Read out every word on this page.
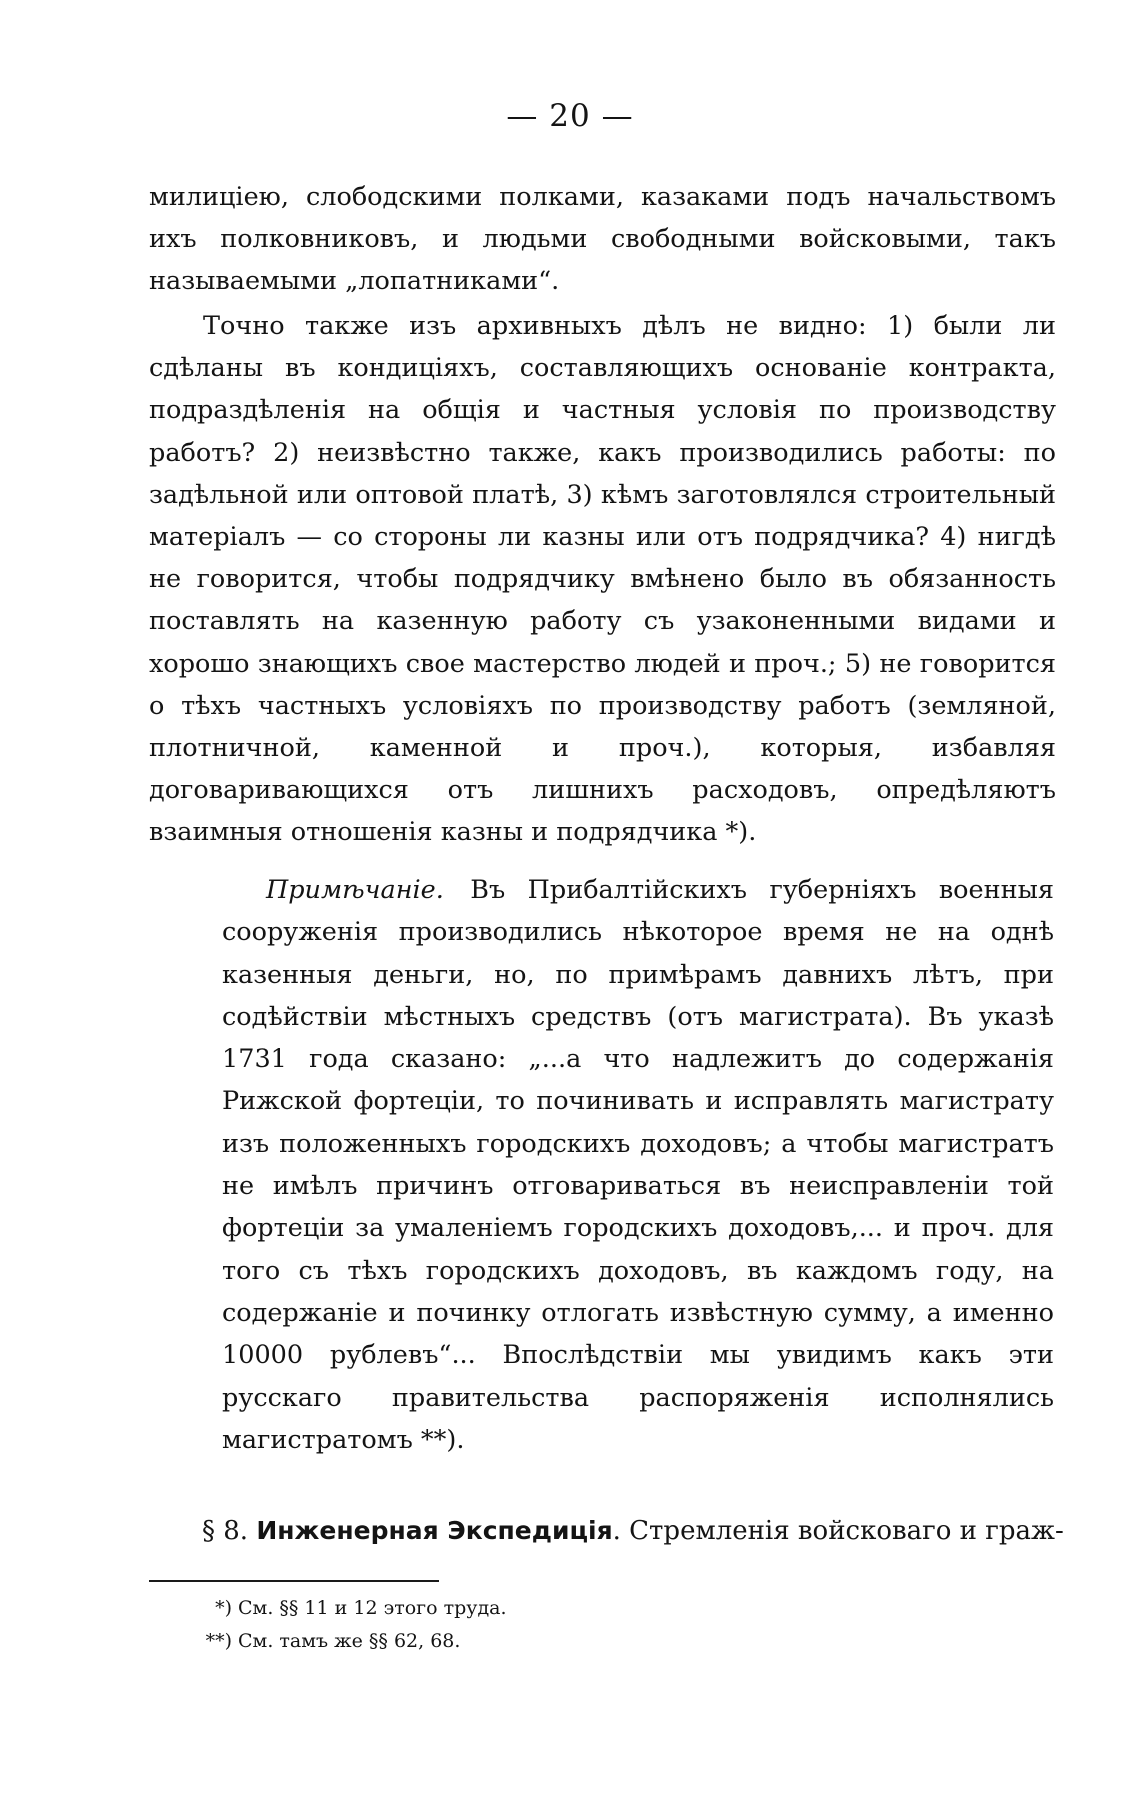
— 20 —
милиціею, слободскими полками, казаками подъ начальствомъ ихъ полковниковъ, и людьми свободными войсковыми, такъ называемыми „лопатниками“.
Точно также изъ архивныхъ дѣлъ не видно: 1) были ли сдѣланы въ кондиціяхъ, составляющихъ основаніе контракта, подраздѣленія на общія и частныя условія по производству работъ? 2) неизвѣстно также, какъ производились работы: по задѣльной или оптовой платѣ, 3) кѣмъ заготовлялся строительный матеріалъ — со стороны ли казны или отъ подрядчика? 4) нигдѣ не говорится, чтобы подрядчику вмѣнено было въ обязанность поставлять на казенную работу съ узаконенными видами и хорошо знающихъ свое мастерство людей и проч.; 5) не говорится о тѣхъ частныхъ условіяхъ по производству работъ (земляной, плотничной, каменной и проч.), которыя, избавляя договаривающихся отъ лишнихъ расходовъ, опредѣляютъ взаимныя отношенія казны и подрядчика *).
Примѣчаніе. Въ Прибалтійскихъ губерніяхъ военныя сооруженія производились нѣкоторое время не на однѣ казенныя деньги, но, по примѣрамъ давнихъ лѣтъ, при содѣйствіи мѣстныхъ средствъ (отъ магистрата). Въ указѣ 1731 года сказано: „...а что надлежитъ до содержанія Рижской фортеціи, то починивать и исправлять магистрату изъ положенныхъ городскихъ доходовъ; а чтобы магистратъ не имѣлъ причинъ отговариваться въ неисправленіи той фортеціи за умаленіемъ городскихъ доходовъ,... и проч. для того съ тѣхъ городскихъ доходовъ, въ каждомъ году, на содержаніе и починку отлогать извѣстную сумму, а именно 10000 рублевъ“... Впослѣдствіи мы увидимъ какъ эти русскаго правительства распоряженія исполнялись магистратомъ **).
§ 8. Инженерная Экспедиція. Стремленія войсковаго и граж-
*) См. §§ 11 и 12 этого труда.
**) См. тамъ же §§ 62, 68.
